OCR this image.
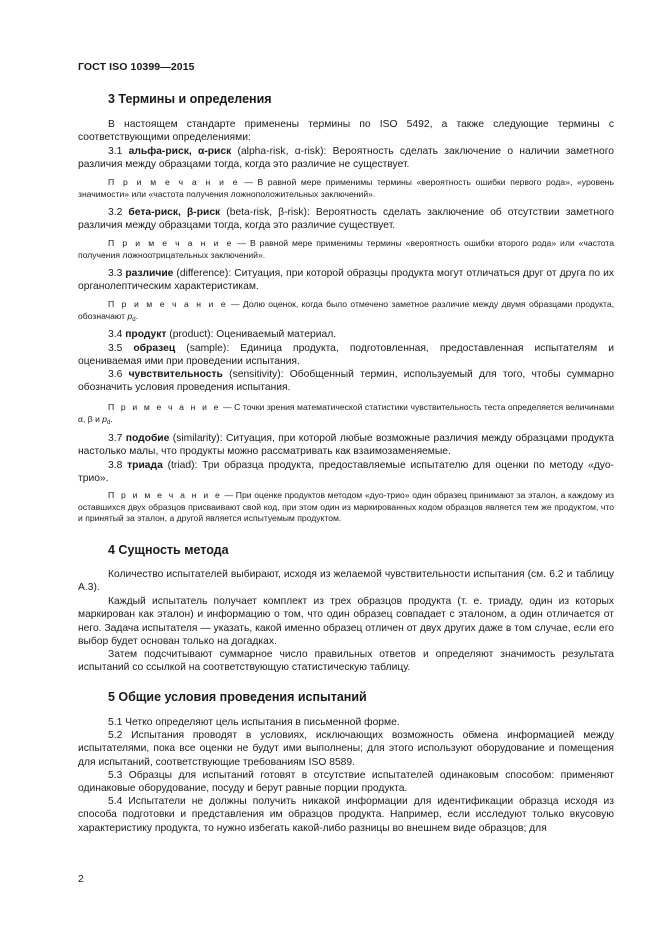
ГОСТ ISO 10399—2015
3 Термины и определения

В настоящем стандарте применены термины по ISO 5492, а также следующие термины с соответствующими определениями:

3.1 альфа-риск, α-риск (alpha-risk, α-risk): Вероятность сделать заключение о наличии заметного различия между образцами тогда, когда это различие не существует.

П р и м е ч а н и е — В равной мере применимы термины «вероятность ошибки первого рода», «уровень значимости» или «частота получения ложноположительных заключений».

3.2 бета-риск, β-риск (beta-risk, β-risk): Вероятность сделать заключение об отсутствии заметного различия между образцами тогда, когда это различие существует.

П р и м е ч а н и е — В равной мере применимы термины «вероятность ошибки второго рода» или «частота получения ложноотрицательных заключений».

3.3 различие (difference): Ситуация, при которой образцы продукта могут отличаться друг от друга по их органолептическим характеристикам.

П р и м е ч а н и е — Долю оценок, когда было отмечено заметное различие между двумя образцами продукта, обозначают $p_d$.

3.4 продукт (product): Оцениваемый материал.

3.5 образец (sample): Единица продукта, подготовленная, предоставленная испытателям и оцениваемая ими при проведении испытания.

3.6 чувствительность (sensitivity): Обобщенный термин, используемый для того, чтобы суммарно обозначить условия проведения испытания.

П р и м е ч а н и е — С точки зрения математической статистики чувствительность теста определяется величинами α, β и $p_d$.

3.7 подобие (similarity): Ситуация, при которой любые возможные различия между образцами продукта настолько малы, что продукты можно рассматривать как взаимозаменяемые.

3.8 триада (triad): Три образца продукта, предоставляемые испытателю для оценки по методу «дуо-трио».

П р и м е ч а н и е — При оценке продуктов методом «дуо-трио» один образец принимают за эталон, а каждому из оставшихся двух образцов присваивают свой код, при этом один из маркированных кодом образцов является тем же продуктом, что и принятый за эталон, а другой является испытуемым продуктом.

4 Сущность метода

Количество испытателей выбирают, исходя из желаемой чувствительности испытания (см. 6.2 и таблицу А.3).

Каждый испытатель получает комплект из трех образцов продукта (т. е. триаду, один из которых маркирован как эталон) и информацию о том, что один образец совпадает с эталоном, а один отличается от него. Задача испытателя — указать, какой именно образец отличен от двух других даже в том случае, если его выбор будет основан только на догадках.

Затем подсчитывают суммарное число правильных ответов и определяют значимость результата испытаний со ссылкой на соответствующую статистическую таблицу.

5 Общие условия проведения испытаний

5.1 Четко определяют цель испытания в письменной форме.

5.2 Испытания проводят в условиях, исключающих возможность обмена информацией между испытателями, пока все оценки не будут ими выполнены; для этого используют оборудование и помещения для испытаний, соответствующие требованиям ISO 8589.

5.3 Образцы для испытаний готовят в отсутствие испытателей одинаковым способом: применяют одинаковые оборудование, посуду и берут равные порции продукта.

5.4 Испытатели не должны получить никакой информации для идентификации образца исходя из способа подготовки и представления им образцов продукта. Например, если исследуют только вкусовую характеристику продукта, то нужно избегать какой-либо разницы во внешнем виде образцов; для

2
